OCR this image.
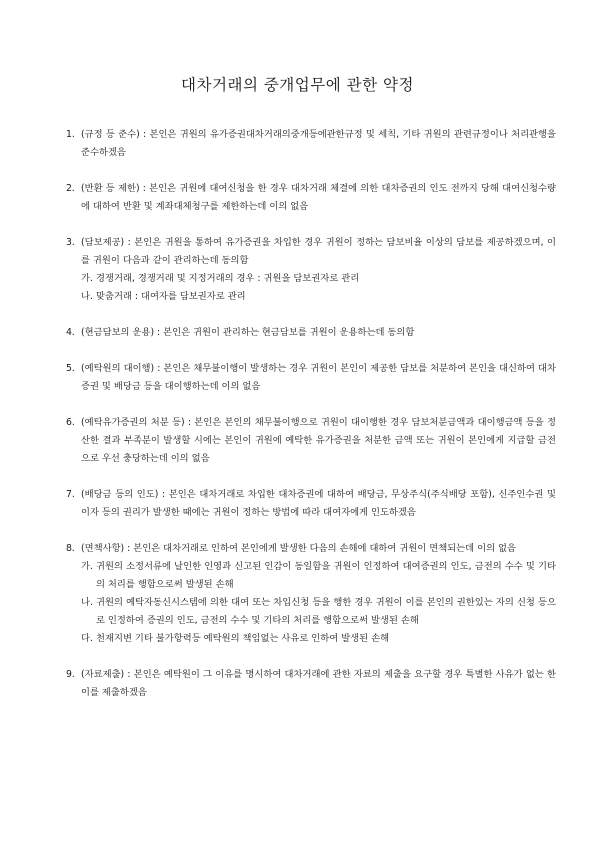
대차거래의 중개업무에 관한 약정
1. (규정 등 준수) : 본인은 귀원의 유가증권대차거래의중개등에관한규정 및 세칙, 기타 귀원의 관련규정이나 처리관행을 준수하겠음
2. (반환 등 제한) : 본인은 귀원에 대여신청을 한 경우 대차거래 체결에 의한 대차증권의 인도 전까지 당해 대여신청수량에 대하여 반환 및 계좌대체청구를 제한하는데 이의 없음
3. (담보제공) : 본인은 귀원을 통하여 유가증권을 차입한 경우 귀원이 정하는 담보비율 이상의 담보를 제공하겠으며, 이를 귀원이 다음과 같이 관리하는데 동의함
가. 경쟁거래, 경쟁거래 및 지정거래의 경우 : 귀원을 담보권자로 관리
나. 맞춤거래 : 대여자를 담보권자로 관리
4. (현금담보의 운용) : 본인은 귀원이 관리하는 현금담보를 귀원이 운용하는데 동의함
5. (예탁원의 대이행) : 본인은 채무불이행이 발생하는 경우 귀원이 본인이 제공한 담보를 처분하여 본인을 대신하여 대차증권 및 배당금 등을 대이행하는데 이의 없음
6. (예탁유가증권의 처분 등) : 본인은 본인의 채무불이행으로 귀원이 대이행한 경우 담보처분금액과 대이행금액 등을 정산한 결과 부족분이 발생할 시에는 본인이 귀원에 예탁한 유가증권을 처분한 금액 또는 귀원이 본인에게 지급할 금전으로 우선 충당하는데 이의 없음
7. (배당금 등의 인도) : 본인은 대차거래로 차입한 대차증권에 대하여 배당금, 무상주식(주식배당 포함), 신주인수권 및 이자 등의 권리가 발생한 때에는 귀원이 정하는 방법에 따라 대여자에게 인도하겠음
8. (면책사항) : 본인은 대차거래로 인하여 본인에게 발생한 다음의 손해에 대하여 귀원이 면책되는데 이의 없음
가. 귀원의 소정서류에 날인한 인영과 신고된 인감이 동일함을 귀원이 인정하여 대여증권의 인도, 금전의 수수 및 기타의 처리를 행함으로써 발생된 손해
나. 귀원의 예탁자동신시스템에 의한 대여 또는 차입신청 등을 행한 경우 귀원이 이를 본인의 권한있는 자의 신청 등으로 인정하여 증권의 인도, 금전의 수수 및 기타의 처리를 행함으로써 발생된 손해
다. 천재지변 기타 불가항력등 예탁원의 책임없는 사유로 인하여 발생된 손해
9. (자료제출) : 본인은 예탁원이 그 이유를 명시하여 대차거래에 관한 자료의 제출을 요구할 경우 특별한 사유가 없는 한 이를 제출하겠음
